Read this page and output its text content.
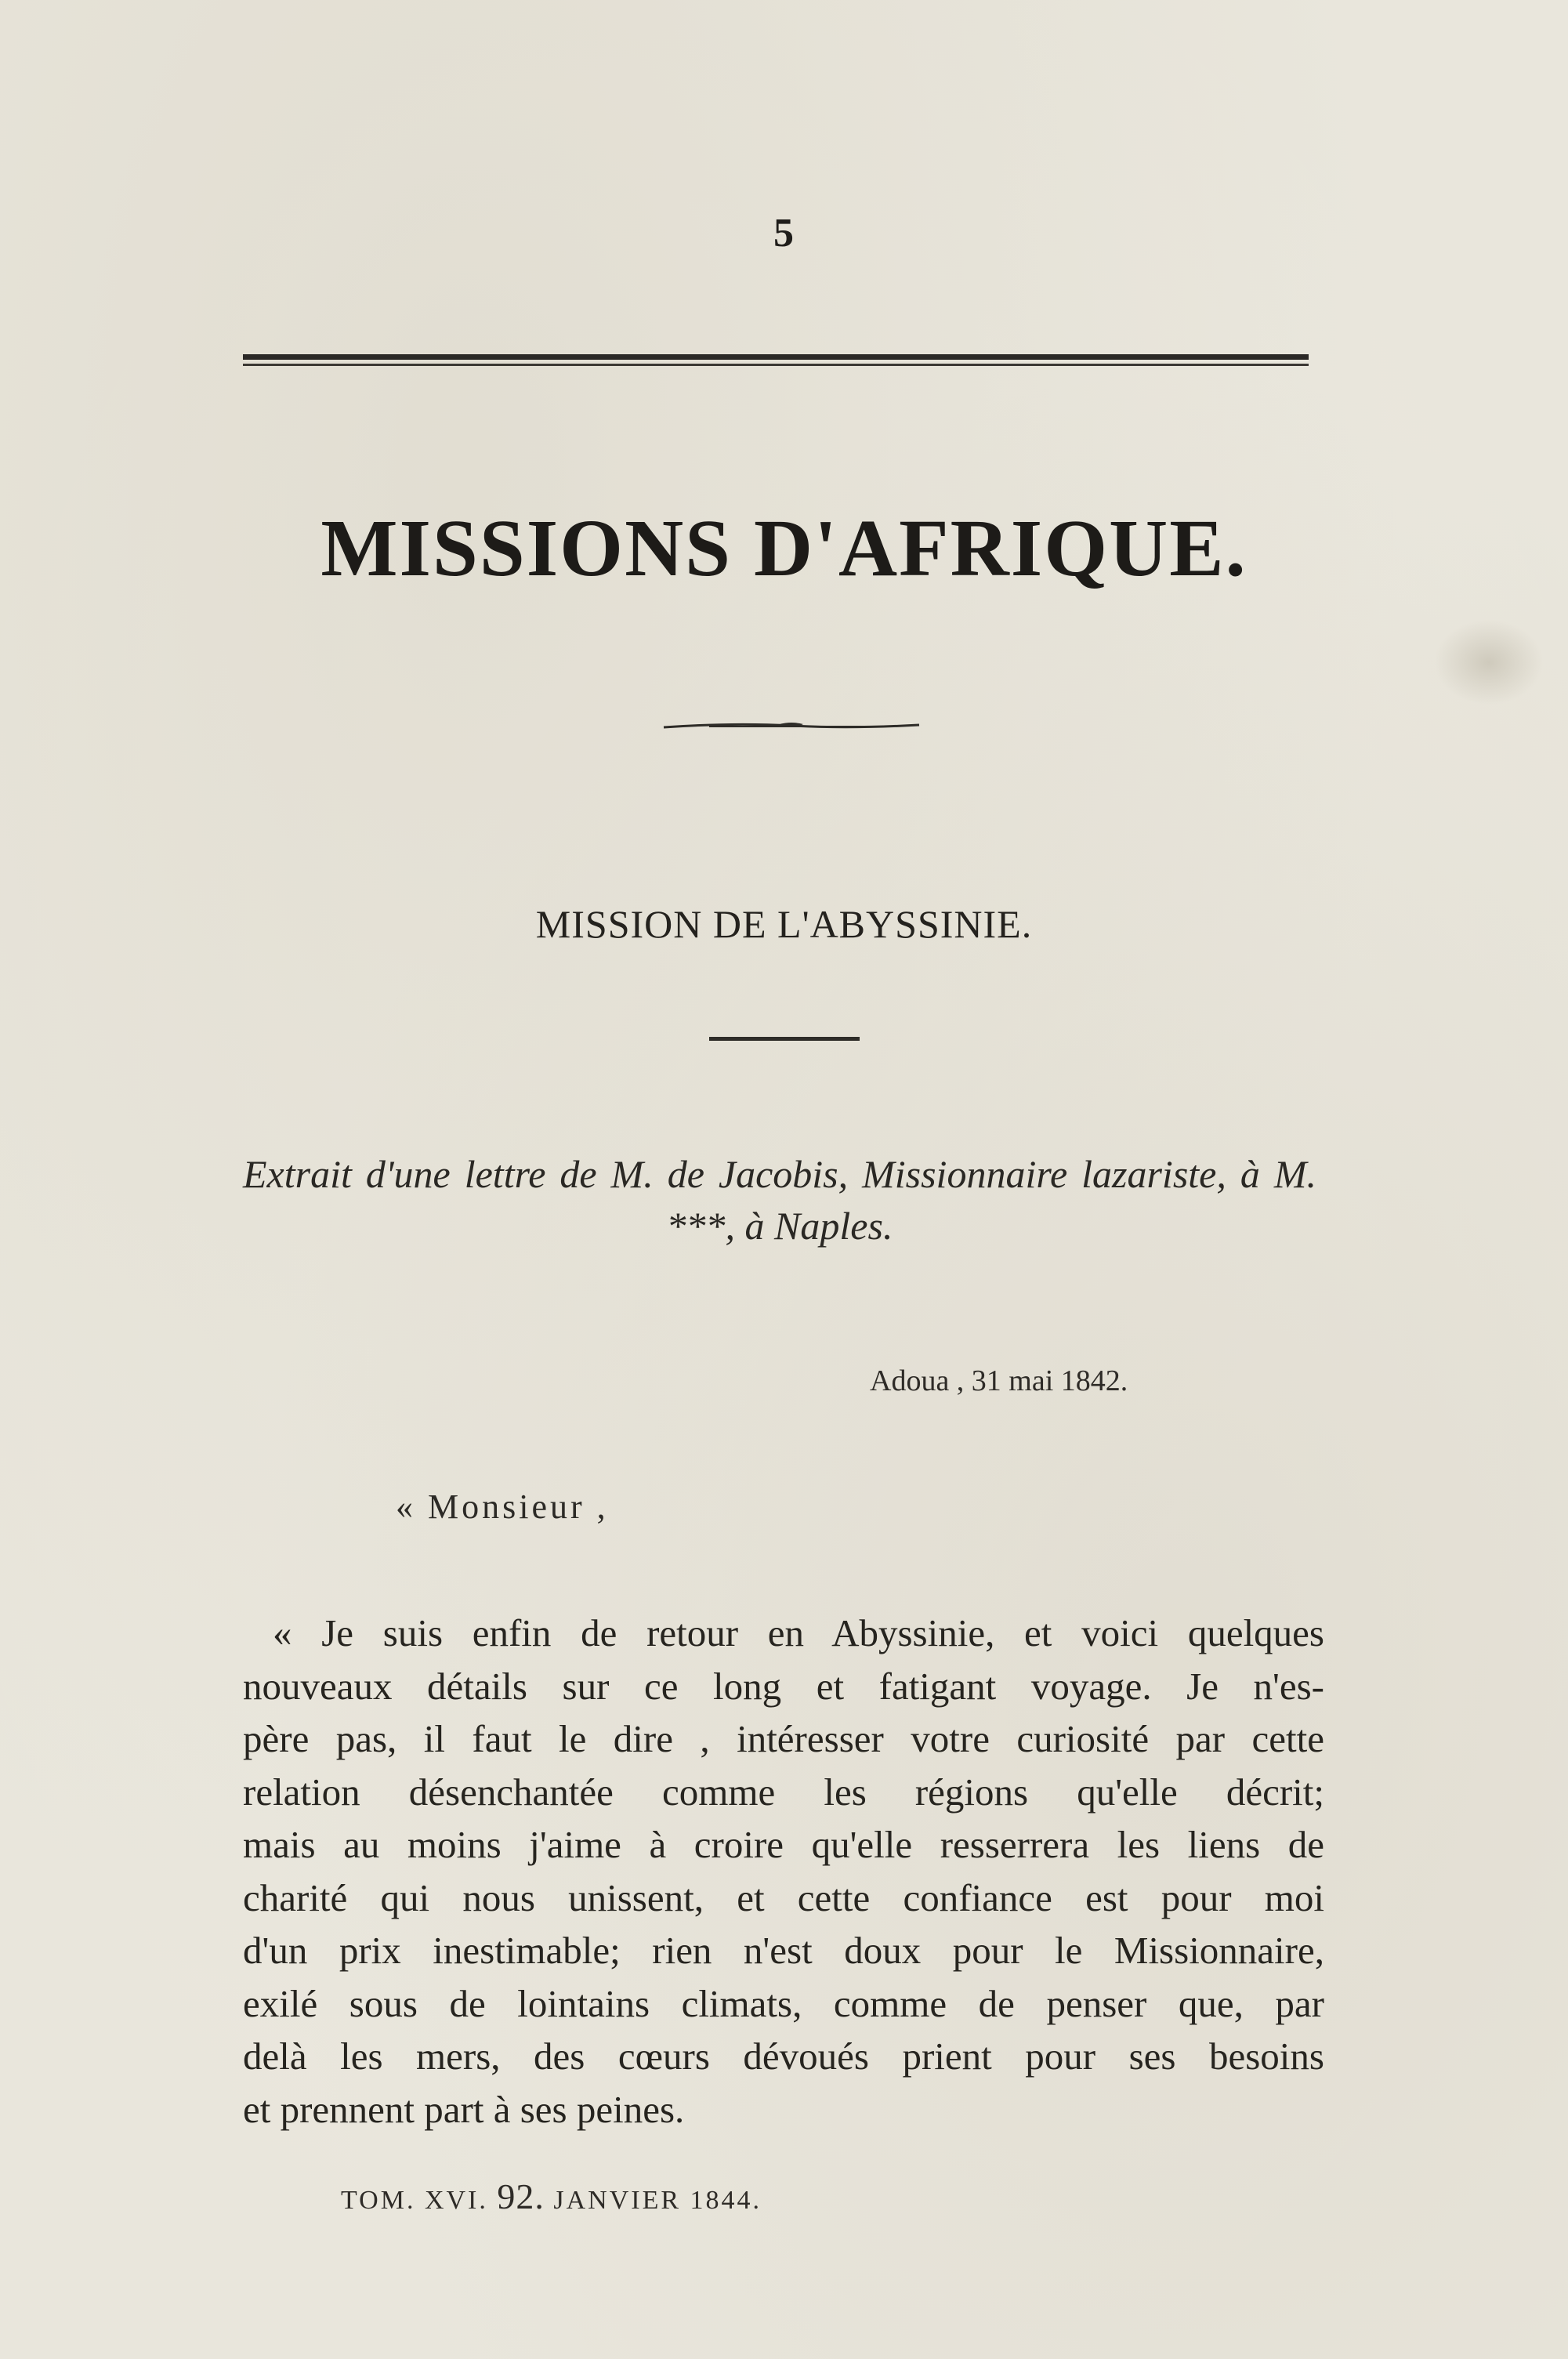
5
MISSIONS D'AFRIQUE.
MISSION DE L'ABYSSINIE.
Extrait d'une lettre de M. de Jacobis, Missionnaire lazariste, à M. ***, à Naples.
Adoua , 31 mai 1842.
« Monsieur ,
« Je suis enfin de retour en Abyssinie, et voici quelques
nouveaux détails sur ce long et fatigant voyage. Je n'es-
père pas, il faut le dire , intéresser votre curiosité par cette
relation désenchantée comme les régions qu'elle décrit;
mais au moins j'aime à croire qu'elle resserrera les liens de
charité qui nous unissent, et cette confiance est pour moi
d'un prix inestimable; rien n'est doux pour le Missionnaire,
exilé sous de lointains climats, comme de penser que, par
delà les mers, des cœurs dévoués prient pour ses besoins
et prennent part à ses peines.
TOM. XVI. 92. JANVIER 1844.
